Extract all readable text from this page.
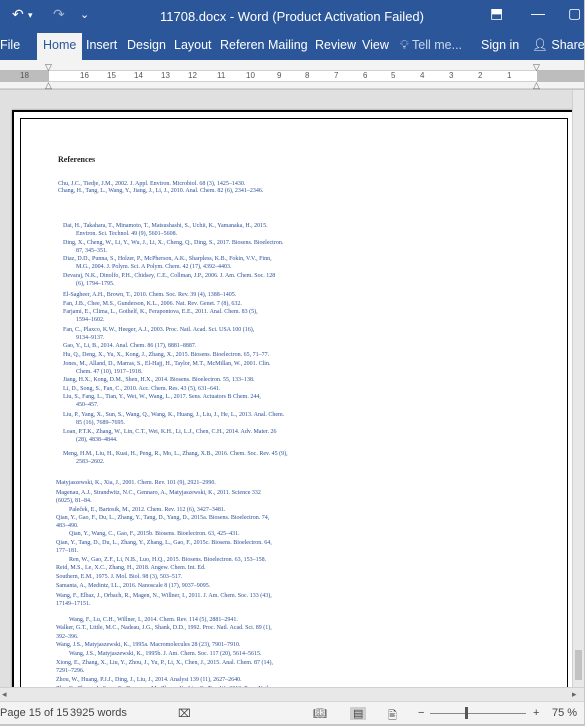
↶ ▾ ↷ ⌄	11708.docx - Word (Product Activation Failed)	⬒ — ▢
File	Home Insert Design Layout Referen Mailing Review View 💡︎ Tell me... Sign in 👤︎ Share
18	16 15 14 13 12	11	10	9	8	7	6	5	4	3	2	1
▽
△
▽
△
References
Chu, J.C., Tiedje, J.M., 2002. J. Appl. Environ. Microbiol. 68 (3), 1425–1430.
Chang, H., Tang, L., Wang, Y., Jiang, J., Li, J., 2010. Anal. Chem. 82 (6), 2341–2346.
Dai, H., Takahara, T., Minamoto, T., Matsushashi, S., Uchii, K., Yamanaka, H., 2015.
Environ. Sci. Technol. 49 (9), 5601–5608.
Ding, X., Cheng, W., Li, Y., Wu, J., Li, X., Cheng, Q., Ding, S., 2017. Biosens. Bioelectron.
87, 345–351.
Diaz, D.D., Punna, S., Holzer, P., McPherson, A.K., Sharpless, K.B., Fokin, V.V., Finn,
M.G., 2004. J. Polym. Sci. A Polym. Chem. 42 (17), 4392–4403.
Devaraj, N.K., Dinolfo, P.H., Chidsey, C.E., Collman, J.P., 2006. J. Am. Chem. Soc. 128
(6), 1794–1795.
El-Sagheer, A.H., Brown, T., 2010. Chem. Soc. Rev. 39 (4), 1388–1405.
Fan, J.B., Chee, M.S., Gunderson, K.L., 2006. Nat. Rev. Genet. 7 (8), 632.
Farjami, E., Clima, L., Gothelf, K., Ferapontova, E.E., 2011. Anal. Chem. 83 (5),
1594–1602.
Fan, C., Plaxco, K.W., Heeger, A.J., 2003. Proc. Natl. Acad. Sci. USA 100 (16),
9134–9137.
Gao, Y., Li, B., 2014. Anal. Chem. 86 (17), 8881–8887.
Hu, Q., Deng, X., Yu, X., Kong, J., Zhang, X., 2015. Biosens. Bioelectron. 65, 71–77.
Jones, M., Alland, D., Marras, S., El-Hajj, H., Taylor, M.T., McMillan, W., 2001. Clin.
Chem. 47 (10), 1917–1918.
Jiang, H.X., Kong, D.M., Shen, H.X., 2014. Biosens. Bioelectron. 55, 133–138.
Li, D., Song, S., Fan, C., 2010. Acc. Chem. Res. 43 (5), 631–641.
Liu, S., Fang, L., Tian, Y., Wei, W., Wang, L., 2017. Sens. Actuators B Chem. 244,
450–457.
Liu, P., Yang, X., Sun, S., Wang, Q., Wang, K., Huang, J., Liu, J., He, L., 2013. Anal. Chem.
85 (16), 7689–7695.
Loan, P.T.K., Zhang, W., Lin, C.T., Wei, K.H., Li, L.J., Chen, C.H., 2014. Adv. Mater. 26
(28), 4838–4844.
Meng, H.M., Liu, H., Kuai, H., Peng, R., Mo, L., Zhang, X.B., 2016. Chem. Soc. Rev. 45 (9),
2583–2602.
Matyjaszewski, K., Xia, J., 2001. Chem. Rev. 101 (9), 2921–2990.
Magenau, A.J., Strandwitz, N.C., Gennaro, A., Matyjaszewski, K., 2011. Science 332
(6025), 81–84.
Paleček, E., Bartosik, M., 2012. Chem. Rev. 112 (6), 3427–3481.
Qian, Y., Gao, F., Du, L., Zhang, Y., Tang, D., Yang, D., 2015a. Biosens. Bioelectron. 74,
483–490.
Qian, Y., Wang, C., Gao, F., 2015b. Biosens. Bioelectron. 63, 425–431.
Qian, Y., Tang, D., Du, L., Zhang, Y., Zhang, L., Gao, F., 2015c. Biosens. Bioelectron. 64,
177–181.
Ren, W., Gao, Z.F., Li, N.B., Luo, H.Q., 2015. Biosens. Bioelectron. 63, 153–158.
Reid, M.S., Le, X.C., Zhang, H., 2018. Angew. Chem. Int. Ed.
Southern, E.M., 1975. J. Mol. Biol. 98 (3), 503–517.
Samanta, A., Medintz, I.L., 2016. Nanoscale 8 (17), 9037–9095.
Wang, F., Elbaz, J., Orbach, R., Magen, N., Willner, I., 2011. J. Am. Chem. Soc. 133 (43),
17149–17151.
Wang, F., Lu, C.H., Willner, I., 2014. Chem. Rev. 114 (5), 2881–2941.
Walker, G.T., Little, M.C., Nadeau, J.G., Shank, D.D., 1992. Proc. Natl. Acad. Sci. 89 (1),
392–396.
Wang, J.S., Matyjaszewski, K., 1995a. Macromolecules 28 (23), 7901–7910.
Wang, J.S., Matyjaszewski, K., 1995b. J. Am. Chem. Soc. 117 (20), 5614–5615.
Xiong, E., Zhang, X., Liu, Y., Zhou, J., Yu, P., Li, X., Chen, J., 2015. Anal. Chem. 87 (14),
7291–7296.
Zhou, W., Huang, P.J.J., Ding, J., Liu, J., 2014. Analyst 139 (11), 2627–2640.
◂	▸
Page 15 of 15 3925 words	⌧	📖︎ ▤ 🖹︎ −	+ 75 %
